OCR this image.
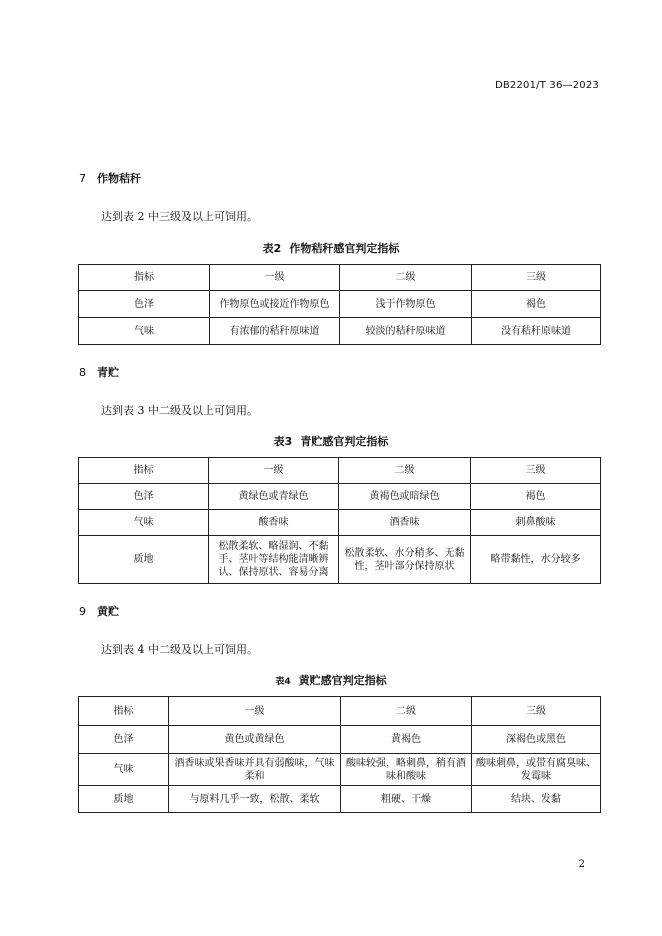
DB2201/T 36—2023
7 作物秸秆
达到表 2 中三级及以上可饲用。
表2 作物秸秆感官判定指标
指标	一级	二级	三级
色泽	作物原色或接近作物原色	浅于作物原色	褐色
气味	有浓郁的秸秆原味道	较淡的秸秆原味道	没有秸秆原味道
8 青贮
达到表 3 中二级及以上可饲用。
表3 青贮感官判定指标
指标	一级	二级	三级
色泽	黄绿色或青绿色	黄褐色或暗绿色	褐色
气味	酸香味	酒香味	刺鼻酸味
质地	松散柔软、略湿润、不黏手、茎叶等结构能清晰辨认、保持原状、容易分离	松散柔软、水分稍多、无黏性，茎叶部分保持原状	略带黏性，水分较多
9 黄贮
达到表 4 中二级及以上可饲用。
表4 黄贮感官判定指标
指标	一级	二级	三级
色泽	黄色或黄绿色	黄褐色	深褐色或黑色
气味	酒香味或果香味并具有弱酸味，气味柔和	酸味较强，略刺鼻，稍有酒味和酸味	酸味刺鼻，或带有腐臭味、发霉味
质地	与原料几乎一致，松散、柔软	粗硬、干燥	结块、发黏
2
